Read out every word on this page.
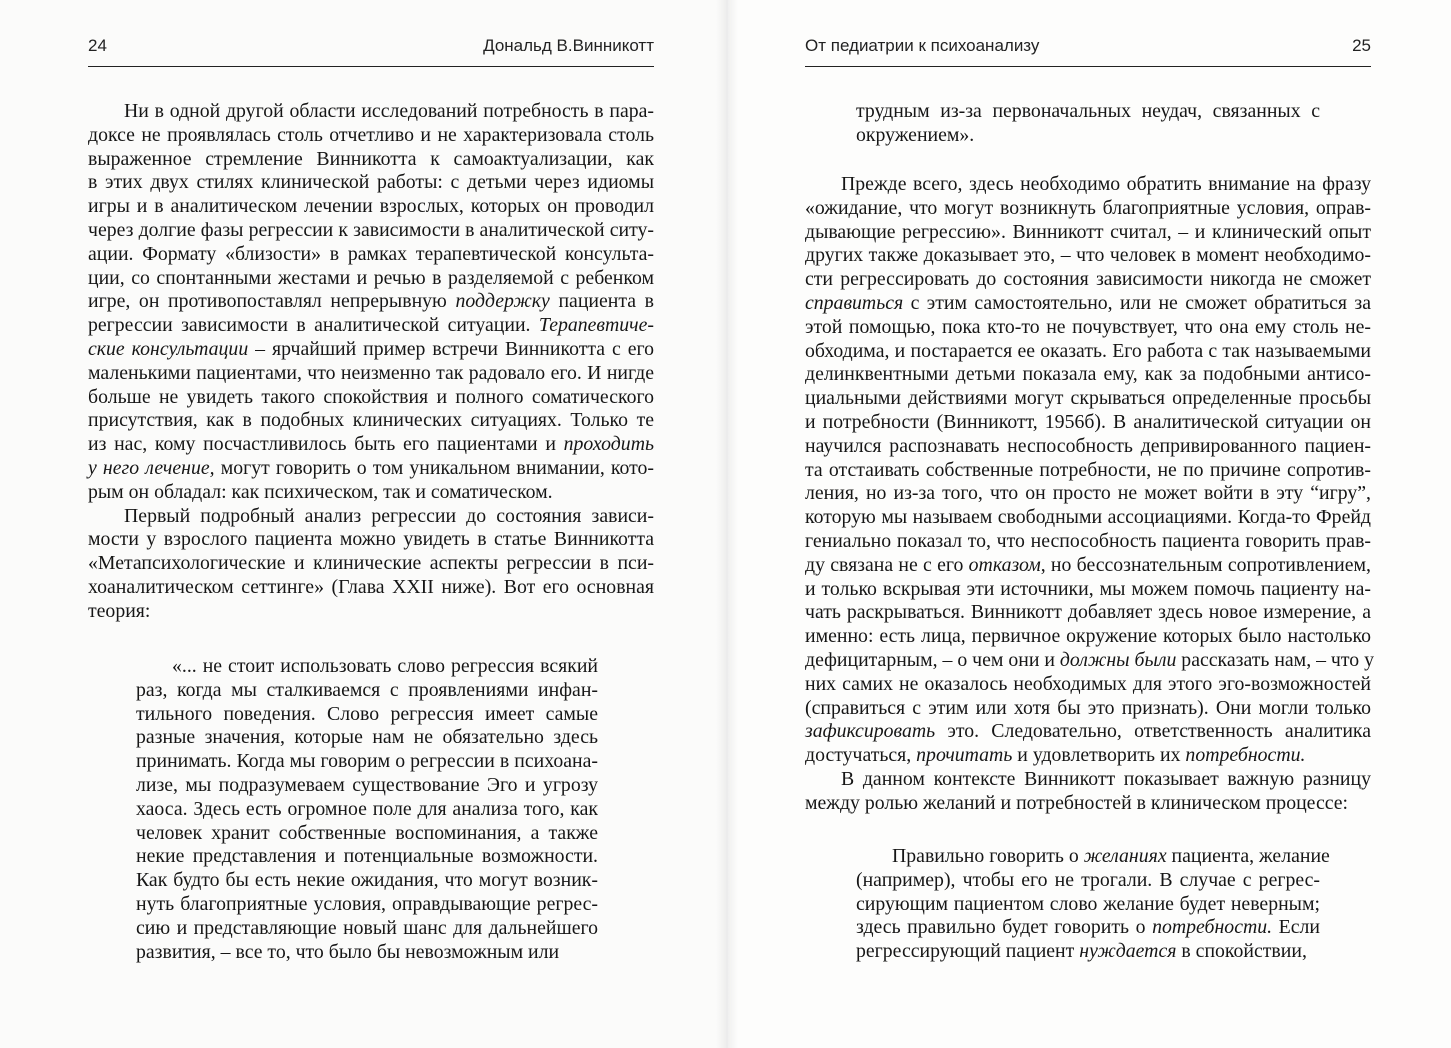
24	Дональд В.Винникотт
Ни в одной другой области исследований потребность в пара-
доксе не проявлялась столь отчетливо и не характеризовала столь
выраженное стремление Винникотта к самоактуализации, как
в этих двух стилях клинической работы: с детьми через идиомы
игры и в аналитическом лечении взрослых, которых он проводил
через долгие фазы регрессии к зависимости в аналитической ситу-
ации. Формату «близости» в рамках терапевтической консульта-
ции, со спонтанными жестами и речью в разделяемой с ребенком
игре, он противопоставлял непрерывную поддержку пациента в
регрессии зависимости в аналитической ситуации. Терапевтиче-
ские консультации – ярчайший пример встречи Винникотта с его
маленькими пациентами, что неизменно так радовало его. И нигде
больше не увидеть такого спокойствия и полного соматического
присутствия, как в подобных клинических ситуациях. Только те
из нас, кому посчастливилось быть его пациентами и проходить
у него лечение, могут говорить о том уникальном внимании, кото-
рым он обладал: как психическом, так и соматическом.
Первый подробный анализ регрессии до состояния зависи-
мости у взрослого пациента можно увидеть в статье Винникотта
«Метапсихологические и клинические аспекты регрессии в пси-
хоаналитическом сеттинге» (Глава XXII ниже). Вот его основная
теория:
«... не стоит использовать слово регрессия всякий
раз, когда мы сталкиваемся с проявлениями инфан-
тильного поведения. Слово регрессия имеет самые
разные значения, которые нам не обязательно здесь
принимать. Когда мы говорим о регрессии в психоана-
лизе, мы подразумеваем существование Эго и угрозу
хаоса. Здесь есть огромное поле для анализа того, как
человек хранит собственные воспоминания, а также
некие представления и потенциальные возможности.
Как будто бы есть некие ожидания, что могут возник-
нуть благоприятные условия, оправдывающие регрес-
сию и представляющие новый шанс для дальнейшего
развития, – все то, что было бы невозможным или
От педиатрии к психоанализу	25
трудным из-за первоначальных неудач, связанных с
окружением».
Прежде всего, здесь необходимо обратить внимание на фразу
«ожидание, что могут возникнуть благоприятные условия, оправ-
дывающие регрессию». Винникотт считал, – и клинический опыт
других также доказывает это, – что человек в момент необходимо-
сти регрессировать до состояния зависимости никогда не сможет
справиться с этим самостоятельно, или не сможет обратиться за
этой помощью, пока кто-то не почувствует, что она ему столь не-
обходима, и постарается ее оказать. Его работа с так называемыми
делинквентными детьми показала ему, как за подобными антисо-
циальными действиями могут скрываться определенные просьбы
и потребности (Винникотт, 1956б). В аналитической ситуации он
научился распознавать неспособность депривированного пациен-
та отстаивать собственные потребности, не по причине сопротив-
ления, но из-за того, что он просто не может войти в эту “игру”,
которую мы называем свободными ассоциациями. Когда-то Фрейд
гениально показал то, что неспособность пациента говорить прав-
ду связана не с его отказом, но бессознательным сопротивлением,
и только вскрывая эти источники, мы можем помочь пациенту на-
чать раскрываться. Винникотт добавляет здесь новое измерение, а
именно: есть лица, первичное окружение которых было настолько
дефицитарным, – о чем они и должны были рассказать нам, – что у
них самих не оказалось необходимых для этого эго-возможностей
(справиться с этим или хотя бы это признать). Они могли только
зафиксировать это. Следовательно, ответственность аналитика
достучаться, прочитать и удовлетворить их потребности.
В данном контексте Винникотт показывает важную разницу
между ролью желаний и потребностей в клиническом процессе:
Правильно говорить о желаниях пациента, желание
(например), чтобы его не трогали. В случае с регрес-
сирующим пациентом слово желание будет неверным;
здесь правильно будет говорить о потребности. Если
регрессирующий пациент нуждается в спокойствии,
